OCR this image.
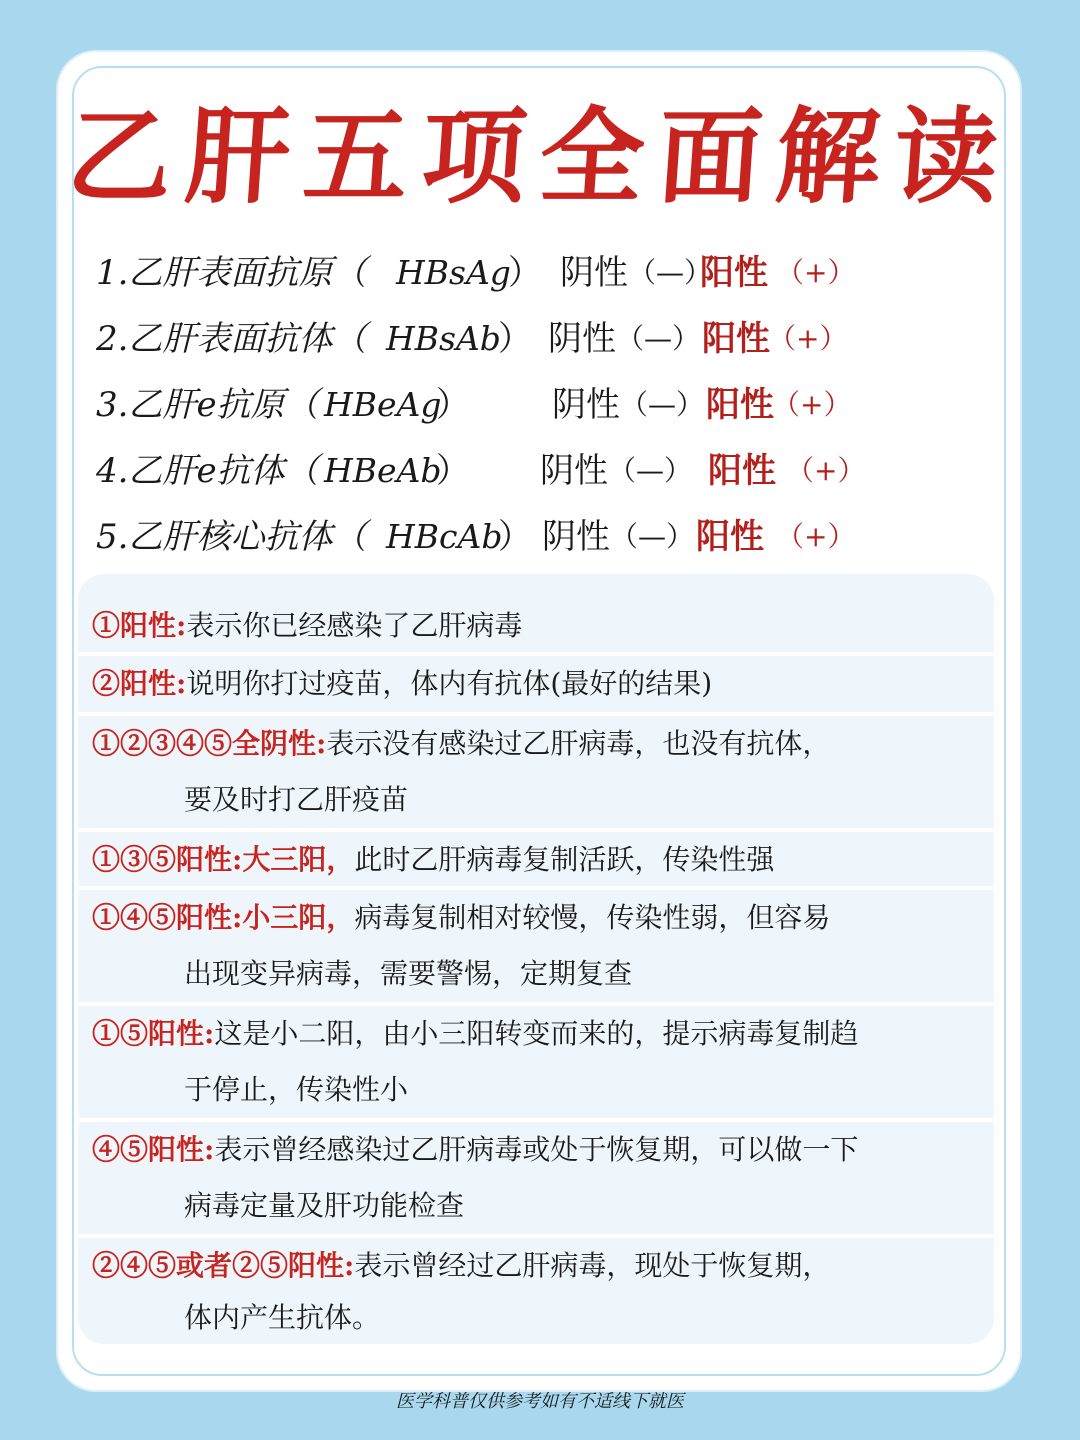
乙肝五项全面解读
1.乙肝表面抗原（ HBsAg
） 阴性 （—）
阳性 （+）
2.乙肝表面抗体（ HBsAb
） 阴性 （—） 阳性
（+）
3.乙肝e抗原（ HBeAg
） 阴性 （—） 阳性
（+）
4.乙肝e抗体（ HBeAb
） 阴性 （—） 阳性 （+）
5.乙肝核心抗体（ HBcAb
） 阴性 （—） 阳性 （+）
①阳性:表示你已经感染了乙肝病毒
②阳性:说明你打过疫苗，体内有抗体(最好的结果)
①②③④⑤全阴性:表示没有感染过乙肝病毒，也没有抗体，
要及时打乙肝疫苗
①③⑤阳性:大三阳，此时乙肝病毒复制活跃，传染性强
①④⑤阳性:小三阳，病毒复制相对较慢，传染性弱，但容易
出现变异病毒，需要警惕，定期复查
①⑤阳性:这是小二阳，由小三阳转变而来的，提示病毒复制趋
于停止，传染性小
④⑤阳性:表示曾经感染过乙肝病毒或处于恢复期，可以做一下
病毒定量及肝功能检查
②④⑤或者②⑤阳性:表示曾经过乙肝病毒，现处于恢复期，
体内产生抗体。
医学科普仅供参考如有不适线下就医
